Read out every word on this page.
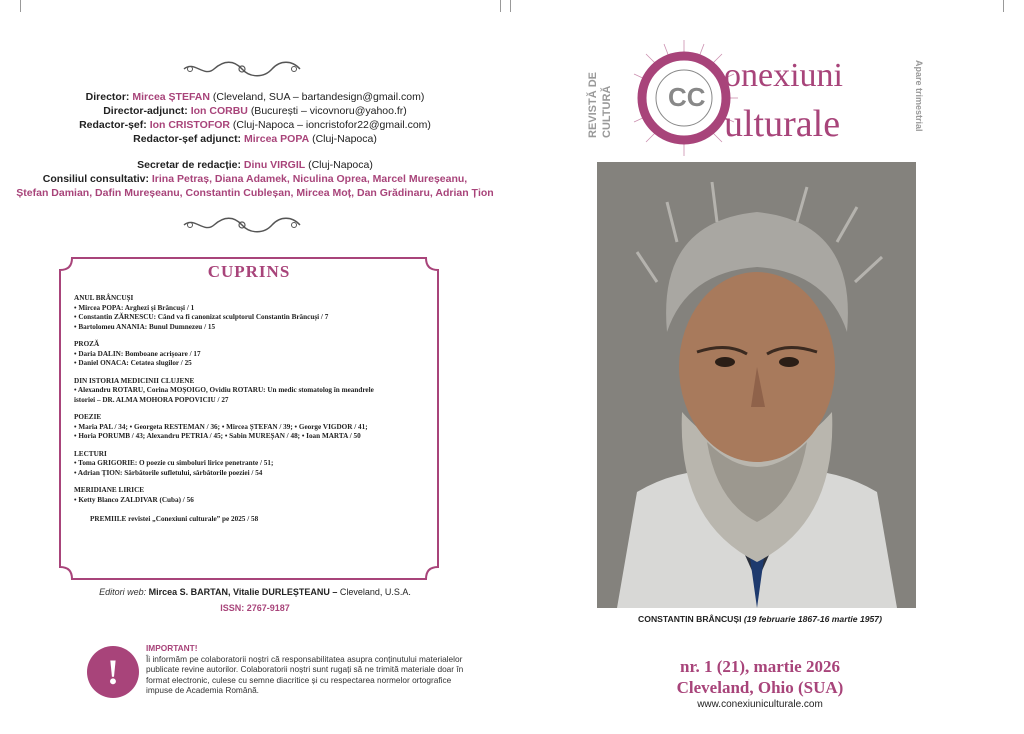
Director: Mircea ȘTEFAN (Cleveland, SUA – bartandesign@gmail.com)
Director-adjunct: Ion CORBU (București – vicovnoru@yahoo.fr)
Redactor-șef: Ion CRISTOFOR (Cluj-Napoca – ioncristofor22@gmail.com)
Redactor-șef adjunct: Mircea POPA (Cluj-Napoca)
Secretar de redacție: Dinu VIRGIL (Cluj-Napoca)
Consiliul consultativ: Irina Petraș, Diana Adamek, Niculina Oprea, Marcel Mureșeanu,
Ștefan Damian, Dafin Mureșeanu, Constantin Cubleșan, Mircea Moț, Dan Grădinaru, Adrian Țion
CUPRINS
ANUL BRÂNCUȘI
• Mircea POPA: Arghezi și Brâncuși / 1
• Constantin ZĂRNESCU: Când va fi canonizat sculptorul Constantin Brâncuși / 7
• Bartolomeu ANANIA: Bunul Dumnezeu / 15
PROZĂ
• Daria DALIN: Bomboane acrișoare / 17
• Daniel ONACA: Cetatea slugilor / 25
DIN ISTORIA MEDICINII CLUJENE
• Alexandru ROTARU, Corina MOȘOIGO, Ovidiu ROTARU: Un medic stomatolog în meandrele
istoriei – DR. ALMA MOHORA POPOVICIU / 27
POEZIE
• Maria PAL / 34; • Georgeta RESTEMAN / 36; • Mircea ȘTEFAN / 39; • George VIGDOR / 41;
• Horia PORUMB / 43; Alexandru PETRIA / 45; • Sabin MUREȘAN / 48; • Ioan MARTA / 50
LECTURI
• Toma GRIGORIE: O poezie cu simboluri lirice penetrante / 51;
• Adrian ȚION: Sărbătorile sufletului, sărbătorile poeziei / 54
MERIDIANE LIRICE
• Ketty Blanco ZALDIVAR (Cuba) / 56
PREMIILE revistei „Conexiuni culturale” pe 2025 / 58
Editori web: Mircea S. BARTAN, Vitalie DURLEȘTEANU – Cleveland, U.S.A.
ISSN: 2767-9187
!
IMPORTANT!
Îi informăm pe colaboratorii noștri că responsabilitatea asupra conținutului materialelor publicate revine autorilor. Colaboratorii noștri sunt rugați să ne trimită materiale doar în format electronic, culese cu semne diacritice și cu respectarea normelor ortografice impuse de Academia Română.
CC
onexiuni
ulturale	Apare trimestrial
REVISTĂ DE CULTURĂ
CONSTANTIN BRÂNCUȘI (19 februarie 1867-16 martie 1957)
nr. 1 (21), martie 2026
Cleveland, Ohio (SUA)
www.conexiuniculturale.com
